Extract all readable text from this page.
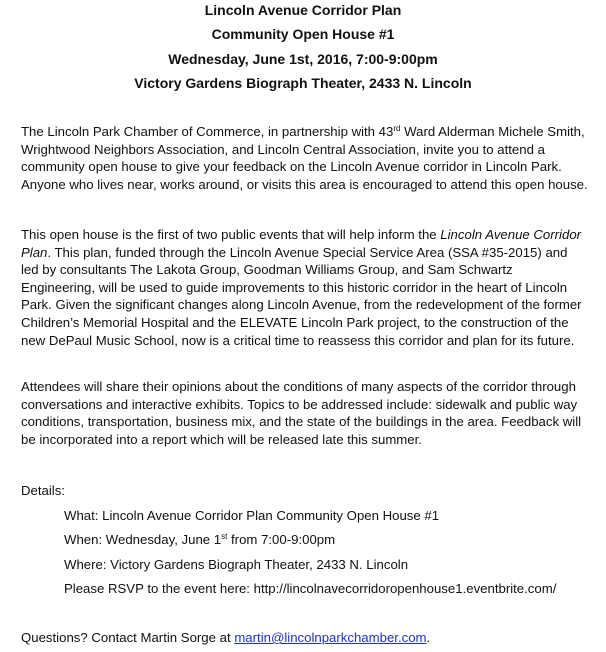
Lincoln Avenue Corridor Plan
Community Open House #1
Wednesday, June 1st, 2016, 7:00-9:00pm
Victory Gardens Biograph Theater, 2433 N. Lincoln
The Lincoln Park Chamber of Commerce, in partnership with 43rd Ward Alderman Michele Smith,
Wrightwood Neighbors Association, and Lincoln Central Association, invite you to attend a
community open house to give your feedback on the Lincoln Avenue corridor in Lincoln Park.
Anyone who lives near, works around, or visits this area is encouraged to attend this open house.
This open house is the first of two public events that will help inform the Lincoln Avenue Corridor
Plan. This plan, funded through the Lincoln Avenue Special Service Area (SSA #35-2015) and
led by consultants The Lakota Group, Goodman Williams Group, and Sam Schwartz
Engineering, will be used to guide improvements to this historic corridor in the heart of Lincoln
Park. Given the significant changes along Lincoln Avenue, from the redevelopment of the former
Children’s Memorial Hospital and the ELEVATE Lincoln Park project, to the construction of the
new DePaul Music School, now is a critical time to reassess this corridor and plan for its future.
Attendees will share their opinions about the conditions of many aspects of the corridor through
conversations and interactive exhibits. Topics to be addressed include: sidewalk and public way
conditions, transportation, business mix, and the state of the buildings in the area. Feedback will
be incorporated into a report which will be released late this summer.
Details:
What: Lincoln Avenue Corridor Plan Community Open House #1
When: Wednesday, June 1st from 7:00-9:00pm
Where: Victory Gardens Biograph Theater, 2433 N. Lincoln
Please RSVP to the event here: http://lincolnavecorridoropenhouse1.eventbrite.com/
Questions? Contact Martin Sorge at martin@lincolnparkchamber.com.
